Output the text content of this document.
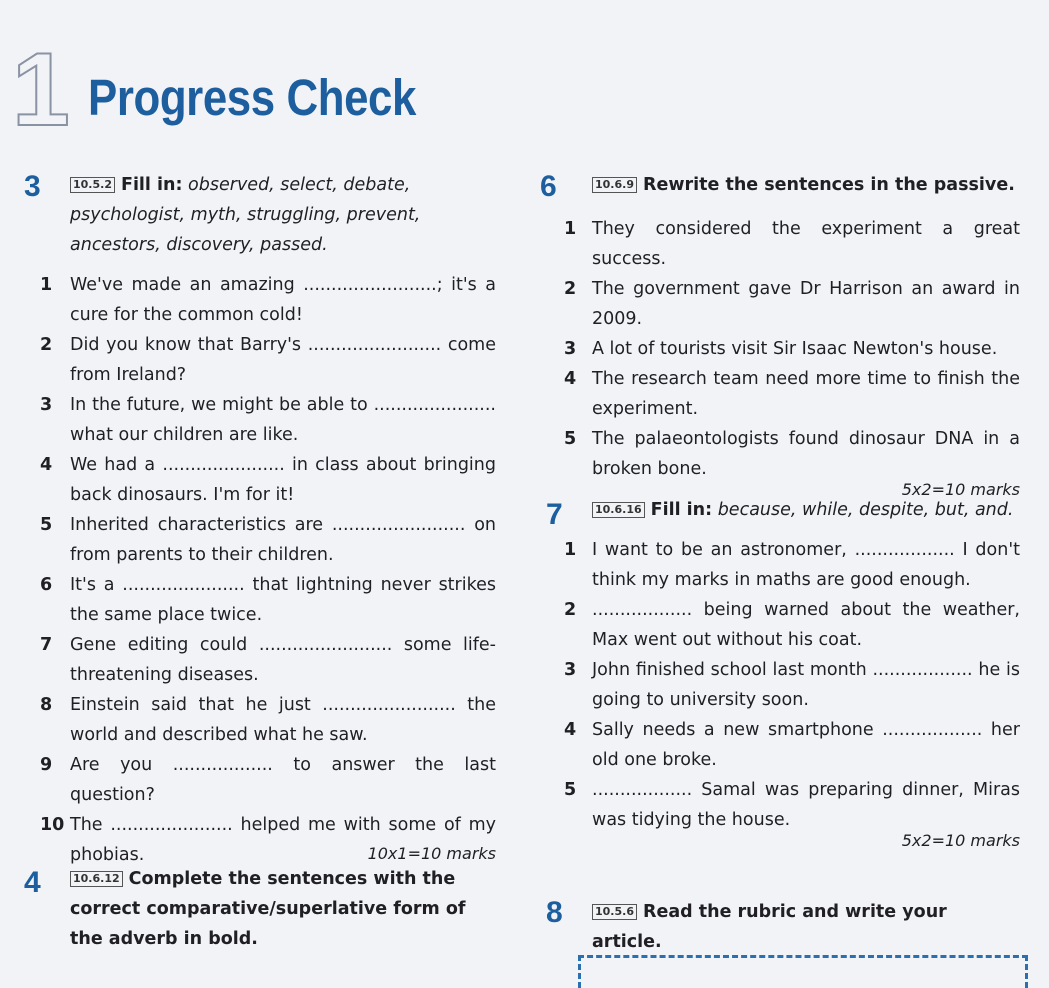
1 Progress Check
3	10.5.2 Fill in: observed, select, debate, psychologist, myth, struggling, prevent, ancestors, discovery, passed.
1 We've made an amazing ........................; it's a cure for the common cold!
2 Did you know that Barry's ........................ come from Ireland?
3 In the future, we might be able to ...................... what our children are like.
4 We had a ...................... in class about bringing back dinosaurs. I'm for it!
5 Inherited characteristics are ........................ on from parents to their children.
6 It's a ...................... that lightning never strikes the same place twice.
7 Gene editing could ........................ some life-threatening diseases.
8 Einstein said that he just ........................ the world and described what he saw.
9 Are you .................. to answer the last question?
10 The ...................... helped me with some of my phobias.	10x1=10 marks
4	10.6.12 Complete the sentences with the correct comparative/superlative form of the adverb in bold.
6	10.6.9 Rewrite the sentences in the passive.
1 They considered the experiment a great success.
2 The government gave Dr Harrison an award in 2009.
3 A lot of tourists visit Sir Isaac Newton's house.
4 The research team need more time to finish the experiment.
5 The palaeontologists found dinosaur DNA in a broken bone.
5x2=10 marks
7	10.6.16 Fill in: because, while, despite, but, and.
1 I want to be an astronomer, .................. I don't think my marks in maths are good enough.
2 .................. being warned about the weather, Max went out without his coat.
3 John finished school last month .................. he is going to university soon.
4 Sally needs a new smartphone .................. her old one broke.
5 .................. Samal was preparing dinner, Miras was tidying the house.
5x2=10 marks
8	10.5.6 Read the rubric and write your article.
